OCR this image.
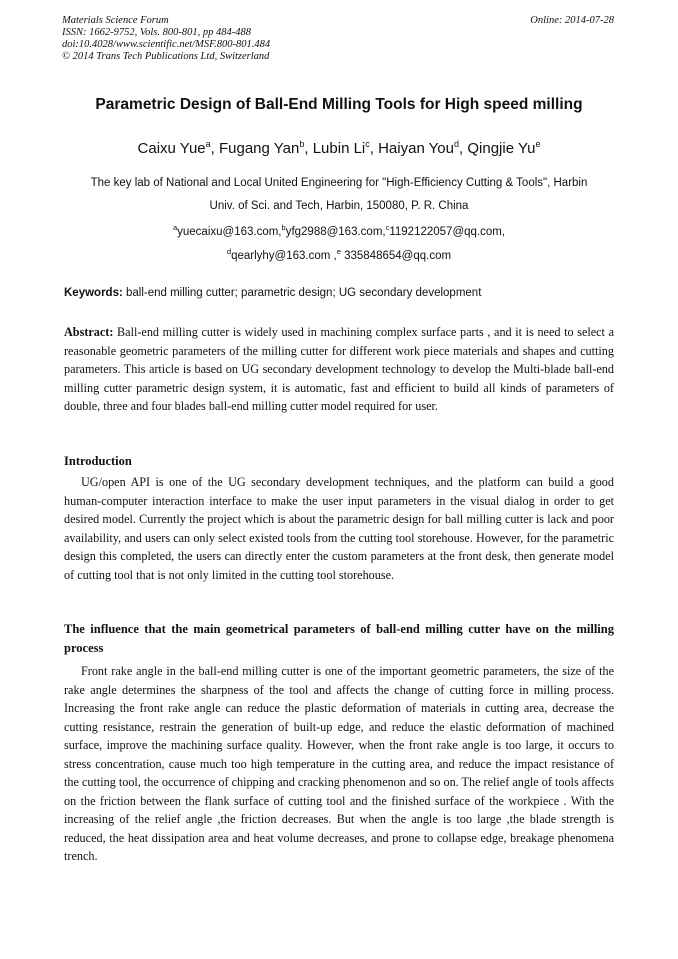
Materials Science Forum
ISSN: 1662-9752, Vols. 800-801, pp 484-488
doi:10.4028/www.scientific.net/MSF.800-801.484
© 2014 Trans Tech Publications Ltd, Switzerland
Online: 2014-07-28
Parametric Design of Ball-End Milling Tools for High speed milling
Caixu Yue$^a$, Fugang Yan$^b$, Lubin Li$^c$, Haiyan You$^d$, Qingjie Yu$^e$
The key lab of National and Local United Engineering for "High-Efficiency Cutting & Tools", Harbin
Univ. of Sci. and Tech, Harbin, 150080, P. R. China
$^a$yuecaixu@163.com,$^b$yfg2988@163.com,$^c$1192122057@qq.com,
$^d$qearlyhy@163.com ,$^e$ 335848654@qq.com
Keywords: ball-end milling cutter; parametric design; UG secondary development
Abstract: Ball-end milling cutter is widely used in machining complex surface parts , and it is need to select a reasonable geometric parameters of the milling cutter for different work piece materials and shapes and cutting parameters. This article is based on UG secondary development technology to develop the Multi-blade ball-end milling cutter parametric design system, it is automatic, fast and efficient to build all kinds of parameters of double, three and four blades ball-end milling cutter model required for user.
Introduction
UG/open API is one of the UG secondary development techniques, and the platform can build a good human-computer interaction interface to make the user input parameters in the visual dialog in order to get desired model. Currently the project which is about the parametric design for ball milling cutter is lack and poor availability, and users can only select existed tools from the cutting tool storehouse. However, for the parametric design this completed, the users can directly enter the custom parameters at the front desk, then generate model of cutting tool that is not only limited in the cutting tool storehouse.
The influence that the main geometrical parameters of ball-end milling cutter have on the milling process
Front rake angle in the ball-end milling cutter is one of the important geometric parameters, the size of the rake angle determines the sharpness of the tool and affects the change of cutting force in milling process. Increasing the front rake angle can reduce the plastic deformation of materials in cutting area, decrease the cutting resistance, restrain the generation of built-up edge, and reduce the elastic deformation of machined surface, improve the machining surface quality. However, when the front rake angle is too large, it occurs to stress concentration, cause much too high temperature in the cutting area, and reduce the impact resistance of the cutting tool, the occurrence of chipping and cracking phenomenon and so on. The relief angle of tools affects on the friction between the flank surface of cutting tool and the finished surface of the workpiece . With the increasing of the relief angle ,the friction decreases. But when the angle is too large ,the blade strength is reduced, the heat dissipation area and heat volume decreases, and prone to collapse edge, breakage phenomena trench.
